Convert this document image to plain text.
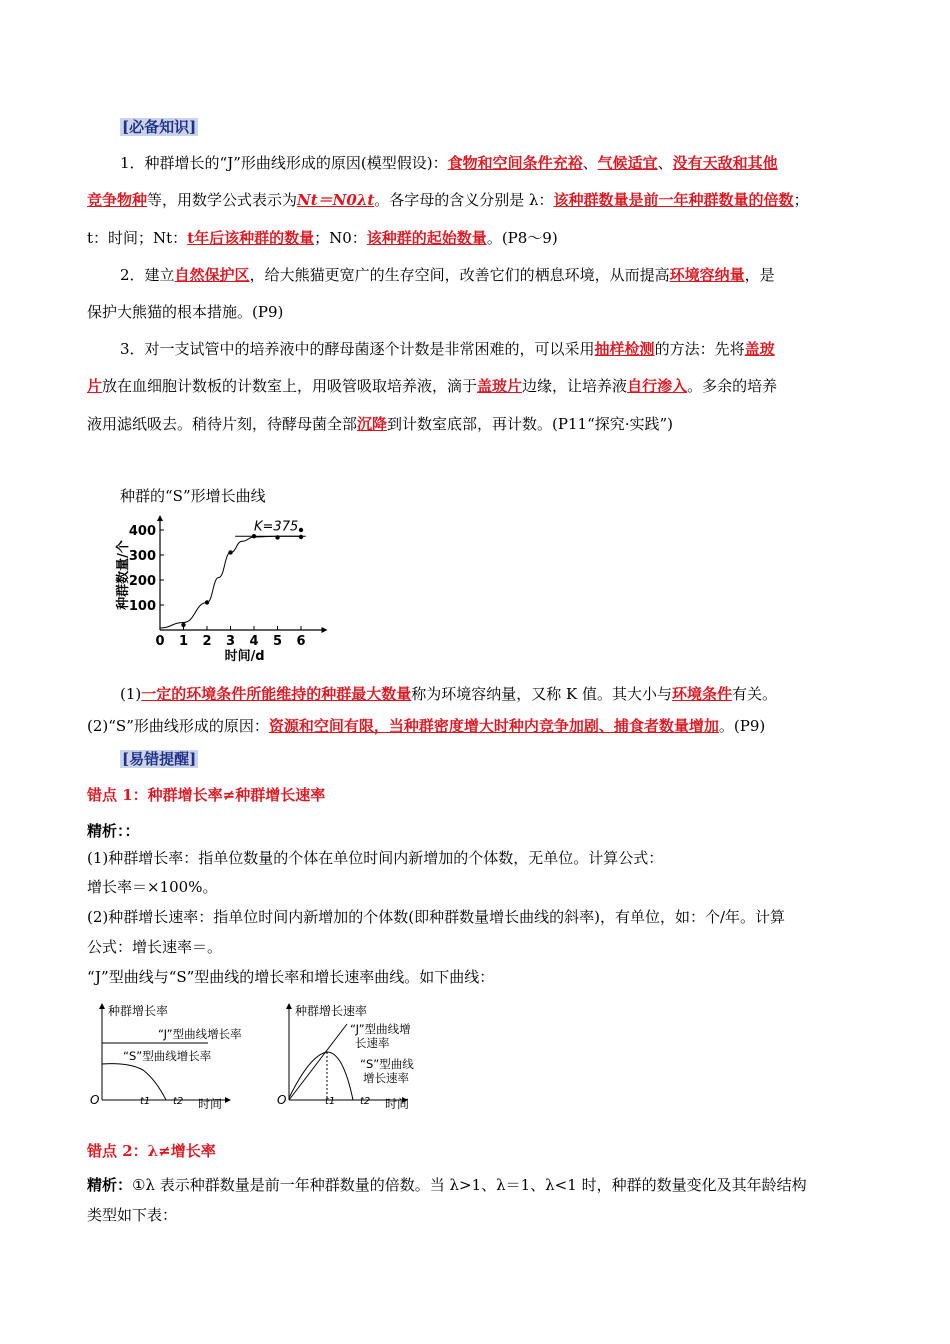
[必备知识]
1．种群增长的“J”形曲线形成的原因(模型假设)：食物和空间条件充裕、气候适宜、没有天敌和其他
竞争物种等，用数学公式表示为Nt＝N0λt。各字母的含义分别是 λ：该种群数量是前一年种群数量的倍数；
t：时间；Nt：t年后该种群的数量；N0：该种群的起始数量。(P8～9)
2．建立自然保护区，给大熊猫更宽广的生存空间，改善它们的栖息环境，从而提高环境容纳量，是
保护大熊猫的根本措施。(P9)
3．对一支试管中的培养液中的酵母菌逐个计数是非常困难的，可以采用抽样检测的方法：先将盖玻
片放在血细胞计数板的计数室上，用吸管吸取培养液，滴于盖玻片边缘，让培养液自行渗入。多余的培养
液用滤纸吸去。稍待片刻，待酵母菌全部沉降到计数室底部，再计数。(P11“探究·实践”)
种群的“S”形增长曲线
100
200
300
400
0 1 2 3 4 5 6
时间/d
种群数量/个
K=375
(1)一定的环境条件所能维持的种群最大数量称为环境容纳量，又称 K 值。其大小与环境条件有关。
(2)“S”形曲线形成的原因：资源和空间有限，当种群密度增大时种内竞争加剧、捕食者数量增加。(P9)
[易错提醒]
错点 1：种群增长率≠种群增长速率
精析：：
(1)种群增长率：指单位数量的个体在单位时间内新增加的个体数，无单位。计算公式：
增长率＝×100%。
(2)种群增长速率：指单位时间内新增加的个体数(即种群数量增长曲线的斜率)，有单位，如：个/年。计算
公式：增长速率＝。
“J”型曲线与“S”型曲线的增长率和增长速率曲线。如下曲线：
种群增长率
“J”型曲线增长率
“S”型曲线增长率
O	t1 t2 时间
种群增长速率
“J”型曲线增
长速率
“S”型曲线
增长速率
O	t1 t2 时间
错点 2：λ≠增长率
精析：①λ 表示种群数量是前一年种群数量的倍数。当 λ>1、λ＝1、λ<1 时，种群的数量变化及其年龄结构
类型如下表：
